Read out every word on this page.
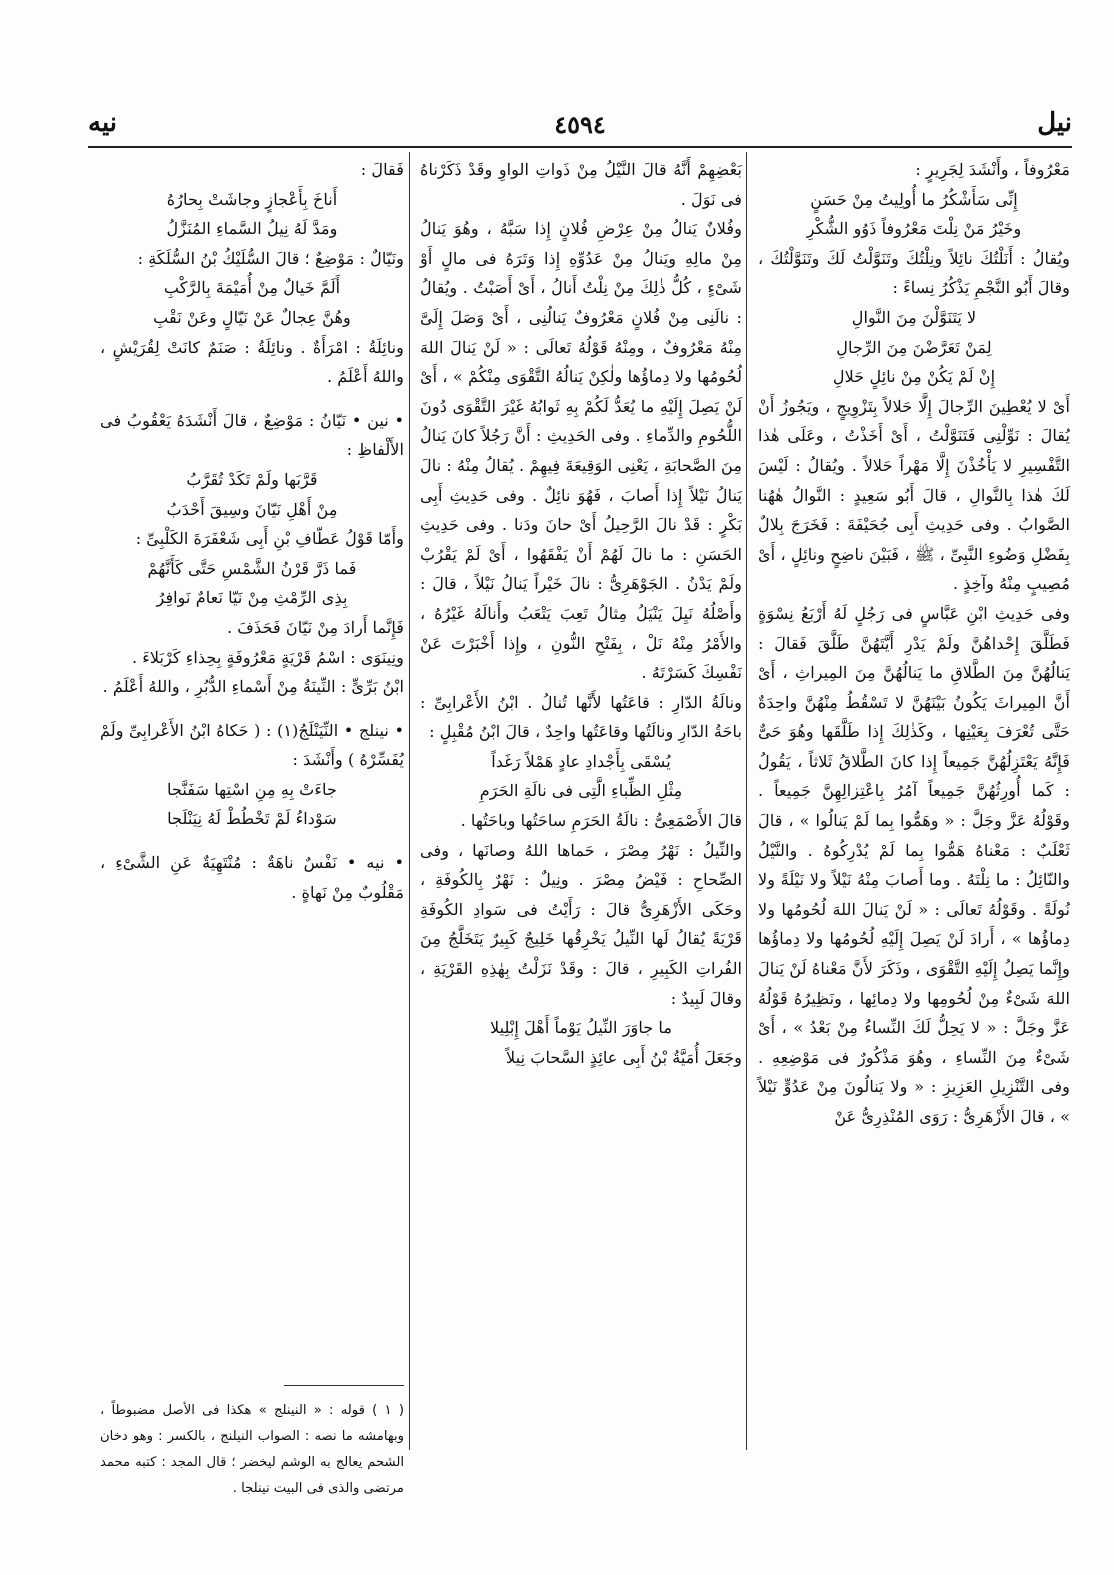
نيل
٤٥٩٤
نيه

مَعْرُوفاً ، وأَنْشَدَ لِجَرِيرٍ :

إِنِّى سَأَشْكُرُ ما أُولِيتُ مِنْ حَسَنٍ

وخَيْرُ مَنْ نِلْتَ مَعْرُوفاً ذَوُو الشُّكْرِ

ويُقالُ : أَنَلْتُكَ نائِلاً ونِلْتُكَ وتَنَوَّلْتُ لَكَ وتَنَوَّلْتُكَ ، وقالَ أَبُو النَّجْمِ يَذْكُرُ نِساءً :

لا يَتَنَوَّلْنَ مِنَ النَّوالِ

لِمَنْ تَعَرَّضْنَ مِنَ الرِّجالِ

إِنْ لَمْ يَكُنْ مِنْ نائِلٍ حَلالِ

أَىْ لا يُعْطِينَ الرِّجالَ إِلَّا حَلالاً بِتَزْوِيجٍ ، ويَجُوزُ أَنْ يُقالَ : نَوِّلْنِى فَتَنَوَّلْتُ ، أَىْ أَخَذْتُ ، وعَلَى هٰذا التَّفْسِيرِ لا يَأْخُذْنَ إِلَّا مَهْراً حَلالاً . ويُقالُ : لَيْسَ لَكَ هٰذا بِالنَّوالِ ، قالَ أَبُو سَعِيدٍ : النَّوالُ هٰهُنا الصَّوابُ . وفى حَدِيثِ أَبِى جُحَيْفَةَ : فَخَرَجَ بِلالٌ بِفَضْلِ وَضُوءِ النَّبِىِّ ، ﷺ ، فَبَيْنَ ناضِحٍ ونائِلٍ ، أَىْ مُصِيبٍ مِنْهُ وآخِذٍ .

وفى حَدِيثِ ابْنِ عَبَّاسٍ فى رَجُلٍ لَهُ أَرْبَعُ نِسْوَةٍ فَطَلَّقَ إِحْداهُنَّ ولَمْ يَدْرِ أَيَّتَهُنَّ طَلَّقَ فَقالَ : يَنالُهُنَّ مِنَ الطَّلاقِ ما يَنالُهُنَّ مِنَ المِيراثِ ، أَىْ أَنَّ المِيراثَ يَكُونُ بَيْنَهُنَّ لا تَسْقُطُ مِنْهُنَّ واحِدَةٌ حَتَّى تُعْرَفَ بِعَيْنِها ، وكَذٰلِكَ إِذا طَلَّقَها وهُوَ حَىٌّ فَإِنَّهُ يَعْتَزِلُهُنَّ جَمِيعاً إِذا كانَ الطَّلاقُ ثَلاثاً ، يَقُولُ : كَما أُورِثُهُنَّ جَمِيعاً آمُرُ بِاعْتِزالِهِنَّ جَمِيعاً . وقَوْلُهُ عَزَّ وجَلَّ : « وهَمُّوا بِما لَمْ يَنالُوا » ، قالَ ثَعْلَبٌ : مَعْناهُ هَمُّوا بِما لَمْ يُدْرِكُوهُ . والنَّيْلُ والنّائِلُ : ما نِلْتَهُ . وما أَصابَ مِنْهُ نَيْلاً ولا نَيْلَةً ولا نُولَةً . وقَوْلُهُ تَعالَى : « لَنْ يَنالَ اللهَ لُحُومُها ولا دِماؤُها » ، أَرادَ لَنْ يَصِلَ إِلَيْهِ لُحُومُها ولا دِماؤُها وإِنَّما يَصِلُ إِلَيْهِ التَّقْوَى ، وذَكَرَ لأَنَّ مَعْناهُ لَنْ يَنالَ اللهَ شَىْءٌ مِنْ لُحُومِها ولا دِمائِها ، ونَظِيرُهُ قَوْلُهُ عَزَّ وجَلَّ : « لا يَحِلُّ لَكَ النِّساءُ مِنْ بَعْدُ » ، أَىْ شَىْءٌ مِنَ النِّساءِ ، وهُوَ مَذْكُورٌ فى مَوْضِعِهِ . وفى التَّنْزِيلِ العَزِيزِ : « ولا يَنالُونَ مِنْ عَدُوٍّ نَيْلاً » ، قالَ الأَزْهَرِىُّ : رَوَى المُنْذِرِىُّ عَنْ

بَعْضِهِمْ أَنَّهُ قالَ النَّيْلُ مِنْ ذَواتِ الواوِ وقَدْ ذَكَرْناهُ فى نَوَلَ .

وفُلانٌ يَنالُ مِنْ عِرْضِ فُلانٍ إِذا سَبَّهُ ، وهُوَ يَنالُ مِنْ مالِهِ ويَنالُ مِنْ عَدُوِّهِ إِذا وَتَرَهُ فى مالٍ أَوْ شَىْءٍ ، كُلُّ ذٰلِكَ مِنْ نِلْتُ أَنالُ ، أَىْ أَصَبْتُ . ويُقالُ : نالَنِى مِنْ فُلانٍ مَعْرُوفٌ يَنالُنِى ، أَىْ وَصَلَ إِلَىَّ مِنْهُ مَعْرُوفٌ ، ومِنْهُ قَوْلُهُ تَعالَى : « لَنْ يَنالَ اللهَ لُحُومُها ولا دِماؤُها ولٰكِنْ يَنالُهُ التَّقْوَى مِنْكُمْ » ، أَىْ لَنْ يَصِلَ إِلَيْهِ ما يُعَدُّ لَكُمْ بِهِ ثَوابُهُ غَيْرَ التَّقْوَى دُونَ اللُّحُومِ والدِّماءِ . وفى الحَدِيثِ : أَنَّ رَجُلاً كانَ يَنالُ مِنَ الصَّحابَةِ ، يَعْنِى الوَقِيعَةَ فِيهِمْ . يُقالُ مِنْهُ : نالَ يَنالُ نَيْلاً إِذا أَصابَ ، فَهُوَ نائِلٌ . وفى حَدِيثِ أَبِى بَكْرٍ : قَدْ نالَ الرَّحِيلُ أَىْ حانَ ودَنا . وفى حَدِيثِ الحَسَنِ : ما نالَ لَهُمْ أَنْ يَفْقَهُوا ، أَىْ لَمْ يَقْرُبْ ولَمْ يَدْنُ . الجَوْهَرِىُّ : نالَ خَيْراً يَنالُ نَيْلاً ، قالَ : وأَصْلُهُ نَيِلَ يَنْيَلُ مِثالُ تَعِبَ يَتْعَبُ وأَنالَهُ غَيْرُهُ ، والأَمْرُ مِنْهُ نَلْ ، بِفَتْحِ النُّونِ ، وإِذا أَخْبَرْتَ عَنْ نَفْسِكَ كَسَرْتَهُ .

ونالَةُ الدّارِ : قاعَتُها لأَنَّها تُنالُ . ابْنُ الأَعْرابِىِّ : باحَةُ الدّارِ ونالَتُها وقاعَتُها واحِدٌ ، قالَ ابْنُ مُقْبِلٍ :

يُسْقَى بِأَجْدادِ عادٍ هَمْلاً رَغَداً

مِثْلِ الظِّباءِ الَّتِى فى نالَةِ الحَرَمِ

قالَ الأَصْمَعِىُّ : نالَةُ الحَرَمِ ساحَتُها وباحَتُها .

والنِّيلُ : نَهْرُ مِصْرَ ، حَماها اللهُ وصانَها ، وفى الصِّحاحِ : فَيْضُ مِصْرَ . ونِيلٌ : نَهْرٌ بِالكُوفَةِ ، وحَكَى الأَزْهَرِىُّ قالَ : رَأَيْتُ فى سَوادِ الكُوفَةِ قَرْيَةً يُقالُ لَها النِّيلُ يَخْرِقُها خَلِيجٌ كَبِيرٌ يَتَخَلَّجُ مِنَ الفُراتِ الكَبِيرِ ، قالَ : وقَدْ نَزَلْتُ بِهٰذِهِ القَرْيَةِ ، وقالَ لَبِيدٌ :

ما جاوَرَ النِّيلُ يَوْماً أَهْلَ إِبْلِيلا

وجَعَلَ أُمَيَّةُ بْنُ أَبِى عائِذٍ السَّحابَ نِيلاً

فَقالَ :

أَناخَ بِأَعْجازٍ وجاشَتْ بِحارُهُ

ومَدَّ لَهُ نِيلُ السَّماءِ المُنَزَّلُ

ونَيّالٌ : مَوْضِعٌ ؛ قالَ السُّلَيْكُ بْنُ السُّلَكَةِ :

أَلَمَّ خَيالٌ مِنْ أُمَيْمَةَ بِالرَّكْبِ

وهُنَّ عِجالٌ عَنْ نَيّالٍ وعَنْ نَقْبِ

ونائِلَةُ : امْرَأَةٌ . ونائِلَةُ : صَنَمٌ كانَتْ لِقُرَيْشٍ ، واللهُ أَعْلَمُ .

• نين • نَيّانُ : مَوْضِعٌ ، قالَ أَنْشَدَهُ يَعْقُوبُ فى الأَلْفاظِ :

قَرَّبَها ولَمْ تَكَدْ تُقَرَّبُ

مِنْ أَهْلِ نَيّانَ وسِيقَ أَحْدَبُ

وأَمّا قَوْلُ عَطّافِ بْنِ أَبِى شَعْفَرَةَ الكَلْبِىِّ :

فَما ذَرَّ قَرْنُ الشَّمْسِ حَتَّى كَأَنَّهُمْ

بِذِى الرِّمْثِ مِنْ نَيّا نَعامٌ نَوافِرُ

فَإِنَّما أَرادَ مِنْ نَيّانَ فَحَذَفَ .

ونِينَوَى : اسْمُ قَرْيَةٍ مَعْرُوفَةٍ بِحِذاءِ كَرْبَلاءَ .

ابْنُ بَرِّىٍّ : النِّينَةُ مِنْ أَسْماءِ الدُّبُرِ ، واللهُ أَعْلَمُ .

• نينلج • النِّيَنْلَجُ(١) : ( حَكاهُ ابْنُ الأَعْرابِىِّ ولَمْ يُفَسِّرْهُ ) وأَنْشَدَ :

جاءَتْ بِهِ مِنِ اسْتِها سَفَنَّجا

سَوْداءُ لَمْ تَخْطُطْ لَهُ نِيَنْلَجا

• نيه • نَفْسٌ ناهَةٌ : مُنْتَهِيَةٌ عَنِ الشَّىْءِ ، مَقْلُوبٌ مِنْ نَهاةٍ .

( ١ ) قوله : « النينلج » هكذا فى الأصل مضبوطاً ، وبهامشه ما نصه : الصواب النيلنج ، بالكسر : وهو دخان الشحم يعالج به الوشم ليخضر ؛ قال المجد : كتبه محمد مرتضى والذى فى البيت نينلجا .
